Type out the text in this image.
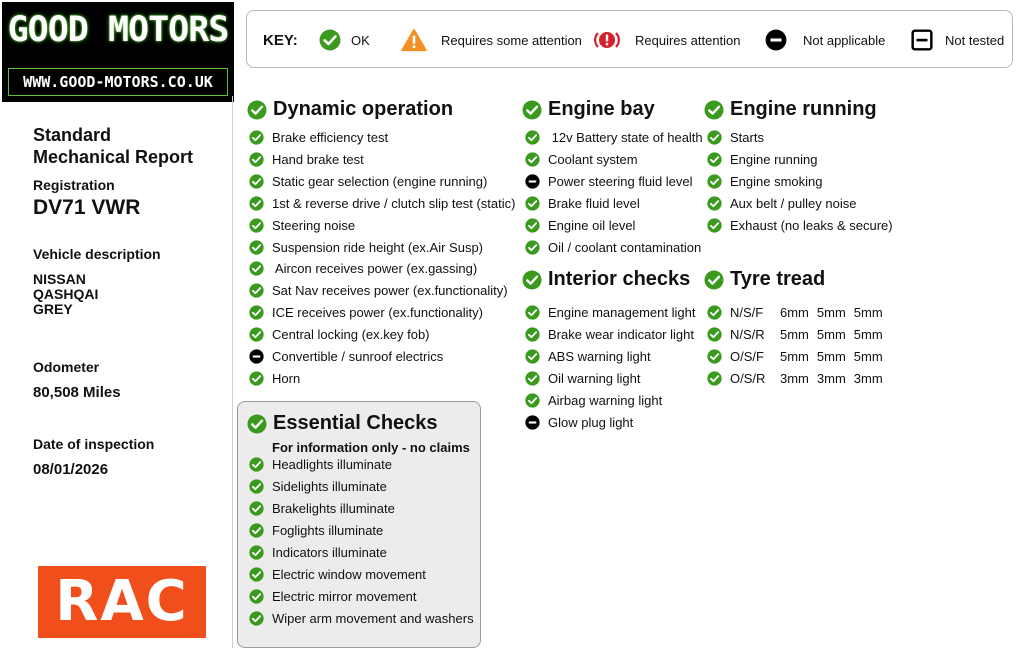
GOOD MOTORS
WWW.GOOD-MOTORS.CO.UK
Standard
Mechanical Report
Registration
DV71 VWR
Vehicle description
NISSAN
QASHQAI
GREY
Odometer
80,508 Miles
Date of inspection
08/01/2026
RAC
KEY:	OK	Requires some attention	Requires attention	Not applicable	Not tested
Dynamic operation	Engine bay	Engine running
Interior checks Tyre tread
Essential Checks
For information only - no claims
Brake efficiency test
Hand brake test
Static gear selection (engine running)
1st & reverse drive / clutch slip test (static)
Steering noise
Suspension ride height (ex.Air Susp)
Aircon receives power (ex.gassing)
Sat Nav receives power (ex.functionality)
ICE receives power (ex.functionality)
Central locking (ex.key fob)
Convertible / sunroof electrics
Horn
Headlights illuminate
Sidelights illuminate
Brakelights illuminate
Foglights illuminate
Indicators illuminate
Electric window movement
Electric mirror movement
Wiper arm movement and washers
12v Battery state of health
Coolant system
Power steering fluid level
Brake fluid level
Engine oil level
Oil / coolant contamination
Engine management light
Brake wear indicator light
ABS warning light
Oil warning light
Airbag warning light
Glow plug light
Starts
Engine running
Engine smoking
Aux belt / pulley noise
Exhaust (no leaks & secure)
N/S/F	6mm 5mm 5mm
N/S/R	5mm 5mm 5mm
O/S/F	5mm 5mm 5mm
O/S/R	3mm 3mm 3mm
